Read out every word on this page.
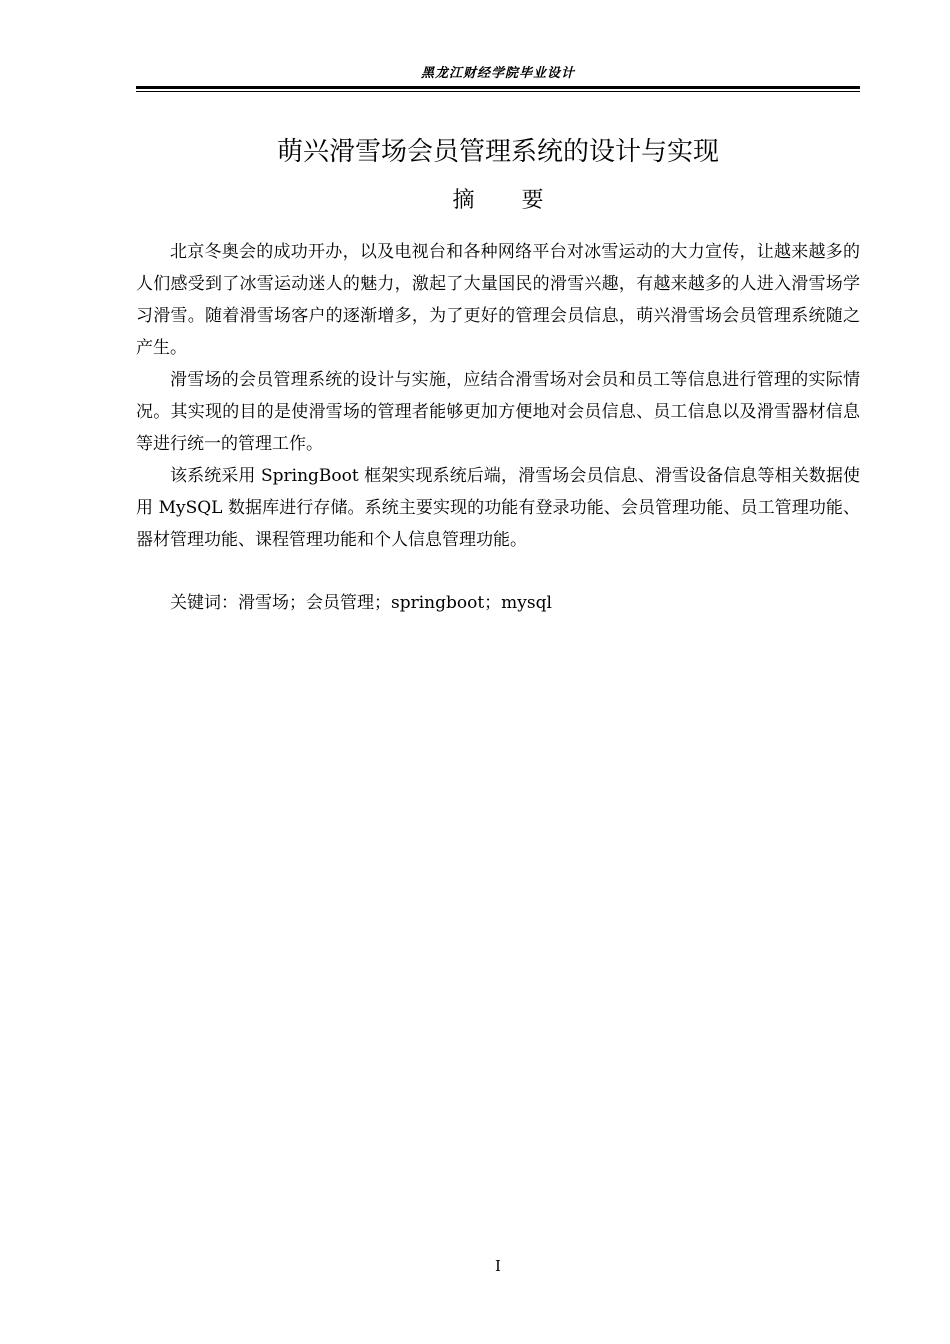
黑龙江财经学院毕业设计
萌兴滑雪场会员管理系统的设计与实现
摘 要

北京冬奥会的成功开办，以及电视台和各种网络平台对冰雪运动的大力宣传，让越来越多的人们感受到了冰雪运动迷人的魅力，激起了大量国民的滑雪兴趣，有越来越多的人进入滑雪场学习滑雪。随着滑雪场客户的逐渐增多，为了更好的管理会员信息，萌兴滑雪场会员管理系统随之产生。

滑雪场的会员管理系统的设计与实施，应结合滑雪场对会员和员工等信息进行管理的实际情况。其实现的目的是使滑雪场的管理者能够更加方便地对会员信息、员工信息以及滑雪器材信息等进行统一的管理工作。

该系统采用 SpringBoot 框架实现系统后端，滑雪场会员信息、滑雪设备信息等相关数据使用 MySQL 数据库进行存储。系统主要实现的功能有登录功能、会员管理功能、员工管理功能、器材管理功能、课程管理功能和个人信息管理功能。

关键词：滑雪场；会员管理；springboot；mysql
I
